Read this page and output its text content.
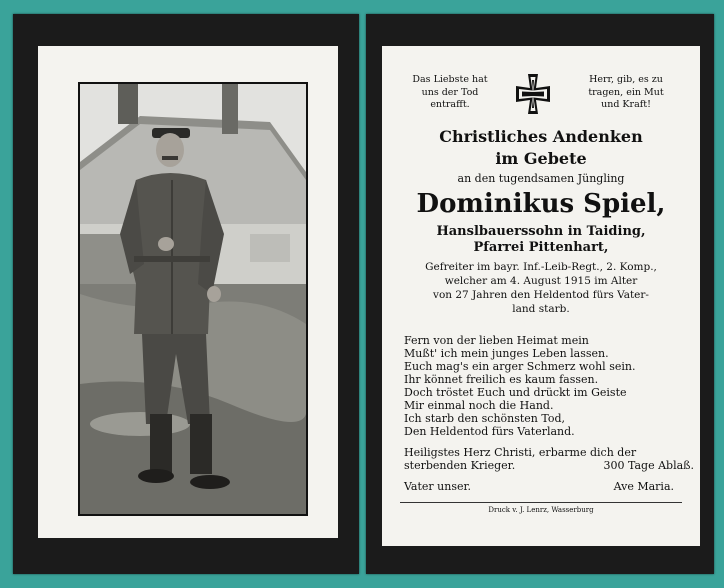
Das Liebste hat
uns der Tod
entrafft.
Herr, gib, es zu
tragen, ein Mut
und Kraft!
Christliches Andenken
im Gebete
an den tugendsamen Jüngling
Dominikus Spiel,
Hanslbauerssohn in Taiding,
Pfarrei Pittenhart,
Gefreiter im bayr. Inf.-Leib-Regt., 2. Komp.,
welcher am 4. August 1915 im Alter
von 27 Jahren den Heldentod fürs Vater-
land starb.
Fern von der lieben Heimat mein
Mußt' ich mein junges Leben lassen.
Euch mag's ein arger Schmerz wohl sein.
Ihr könnet freilich es kaum fassen.
Doch tröstet Euch und drückt im Geiste
Mir einmal noch die Hand.
Ich starb den schönsten Tod,
Den Heldentod fürs Vaterland.
Heiligstes Herz Christi, erbarme dich der
sterbenden Krieger.	300 Tage Ablaß.
Vater unser.	Ave Maria.
Druck v. J. Lenrz, Wasserburg
